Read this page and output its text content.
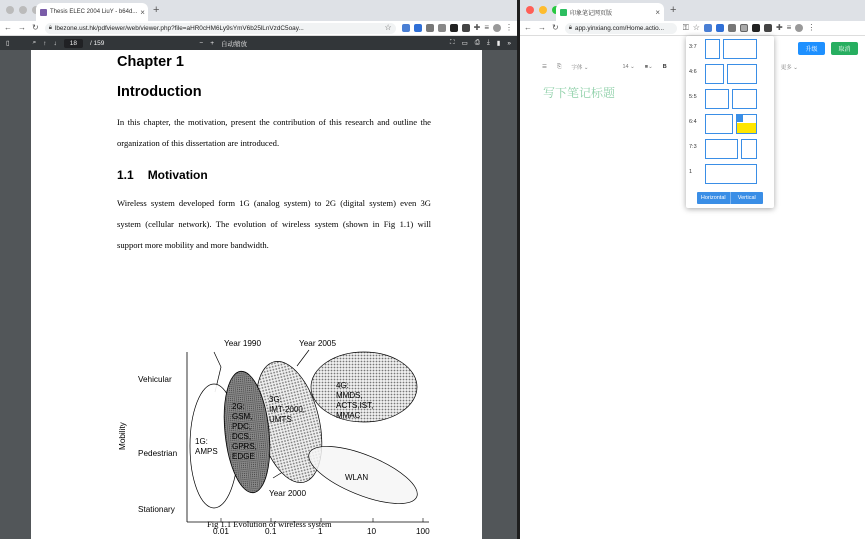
Thesis ELEC 2004 LiuY - b64d... × +
← → ↻ 🔒︎ lbezone.ust.hk/pdfviewer/web/viewer.php?file=aHR0cHM6Ly9sYmV6b25lLnVzdC5oay...	☆	✚ ≡ ⋮
▯	⌕ ↑ ↓	18	/ 159	− + 自动缩放	⛶ ▭ ⎙ ⤓ ▮ »
Chapter 1
Introduction
In this chapter, the motivation, present the contribution of this research and outline the organization of this dissertation are introduced.
1.1 Motivation
Wireless system developed form 1G (analog system) to 2G (digital system) even 3G system (cellular network). The evolution of wireless system (shown in Fig 1.1) will support more mobility and more bandwidth.
Vehicular
Pedestrian
Stationary
Mobility
0.01	0.1	1	10	100
Year 1990	Year 2005
Year 2000
1G: AMPS
2G: GSM, PDC, DCS, GPRS, EDGE
3G: IMT-2000, UMTS
4G: MMDS, ACTS,IST, MMAC
WLAN
Fig 1.1 Evolution of wireless system
印象笔记网页版	× +
← → ↻ 🔒︎ app.yinxiang.com/Home.actio... ⚿ ☆	✚ ≡ ⋮
升级	取消
☰ ⎘ 字体 ⌄	14 ⌄ ■⌄ B	更多 ⌄
写下笔记标题
3:7
4:6
5:5
6:4
7:3
1
Horizontal	Vertical
